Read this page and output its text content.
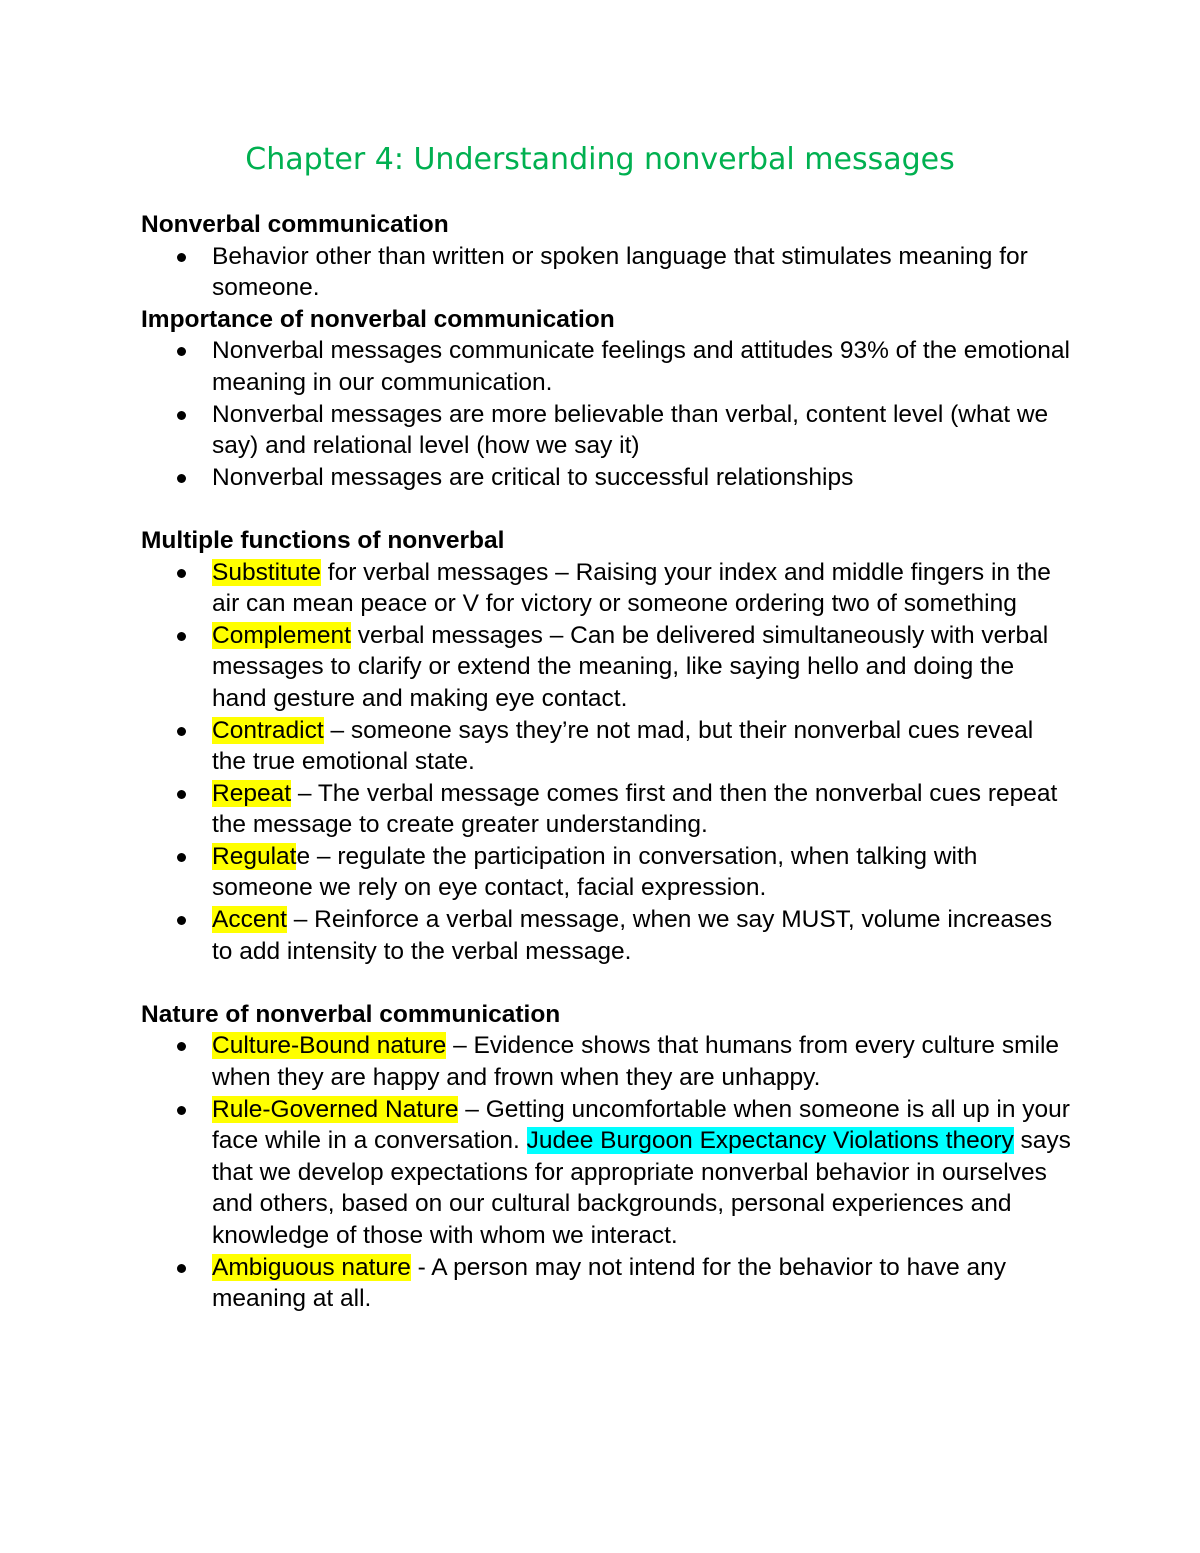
Chapter 4: Understanding nonverbal messages

Nonverbal communication

Behavior other than written or spoken language that stimulates meaning for someone.

Importance of nonverbal communication

Nonverbal messages communicate feelings and attitudes 93% of the emotional meaning in our communication.
Nonverbal messages are more believable than verbal, content level (what we say) and relational level (how we say it)
Nonverbal messages are critical to successful relationships

Multiple functions of nonverbal

Substitute for verbal messages – Raising your index and middle fingers in the air can mean peace or V for victory or someone ordering two of something
Complement verbal messages – Can be delivered simultaneously with verbal messages to clarify or extend the meaning, like saying hello and doing the hand gesture and making eye contact.
Contradict – someone says they’re not mad, but their nonverbal cues reveal the true emotional state.
Repeat – The verbal message comes first and then the nonverbal cues repeat the message to create greater understanding.
Regulate – regulate the participation in conversation, when talking with someone we rely on eye contact, facial expression.
Accent – Reinforce a verbal message, when we say MUST, volume increases to add intensity to the verbal message.

Nature of nonverbal communication

Culture-Bound nature – Evidence shows that humans from every culture smile when they are happy and frown when they are unhappy.
Rule-Governed Nature – Getting uncomfortable when someone is all up in your face while in a conversation. Judee Burgoon Expectancy Violations theory says that we develop expectations for appropriate nonverbal behavior in ourselves and others, based on our cultural backgrounds, personal experiences and knowledge of those with whom we interact.
Ambiguous nature - A person may not intend for the behavior to have any meaning at all.
